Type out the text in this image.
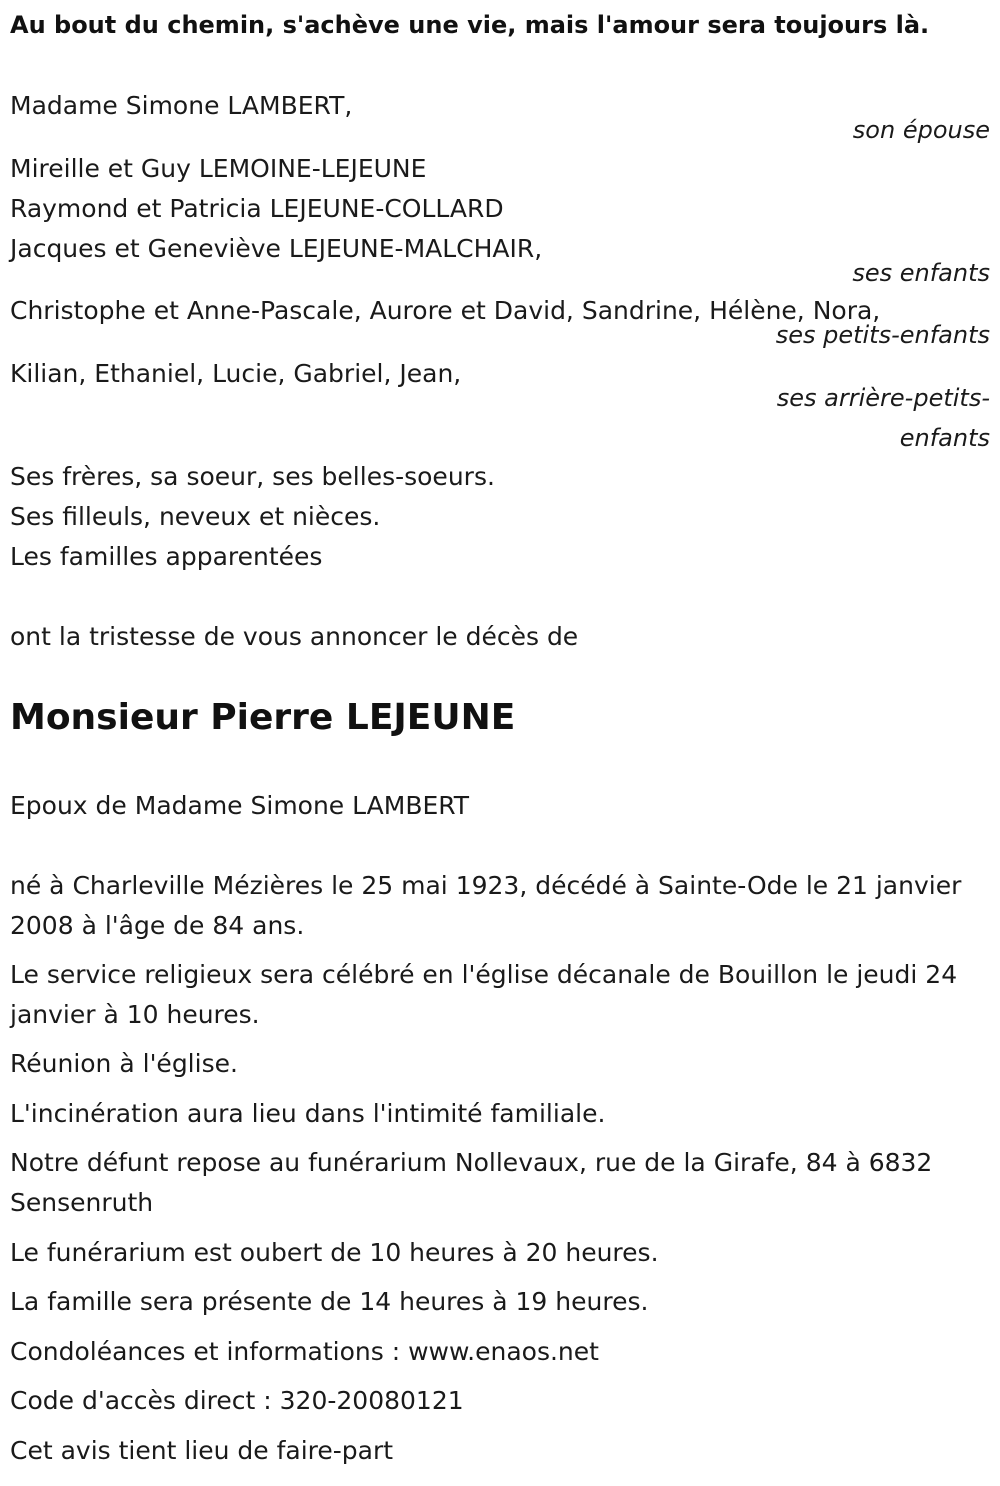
Au bout du chemin, s'achève une vie, mais l'amour sera toujours là.

Madame Simone LAMBERT,

son épouse

Mireille et Guy LEMOINE-LEJEUNE

Raymond et Patricia LEJEUNE-COLLARD

Jacques et Geneviève LEJEUNE-MALCHAIR,

ses enfants

Christophe et Anne-Pascale, Aurore et David, Sandrine, Hélène, Nora,

ses petits-enfants

Kilian, Ethaniel, Lucie, Gabriel, Jean,

ses arrière-petits-

enfants

Ses frères, sa soeur, ses belles-soeurs.

Ses filleuls, neveux et nièces.

Les familles apparentées

ont la tristesse de vous annoncer le décès de

Monsieur Pierre LEJEUNE

Epoux de Madame Simone LAMBERT

né à Charleville Mézières le 25 mai 1923, décédé à Sainte-Ode le 21 janvier 2008 à l'âge de 84 ans.

Le service religieux sera célébré en l'église décanale de Bouillon le jeudi 24 janvier à 10 heures.

Réunion à l'église.

L'incinération aura lieu dans l'intimité familiale.

Notre défunt repose au funérarium Nollevaux, rue de la Girafe, 84 à 6832 Sensenruth

Le funérarium est oubert de 10 heures à 20 heures.

La famille sera présente de 14 heures à 19 heures.

Condoléances et informations : www.enaos.net

Code d'accès direct : 320-20080121

Cet avis tient lieu de faire-part
